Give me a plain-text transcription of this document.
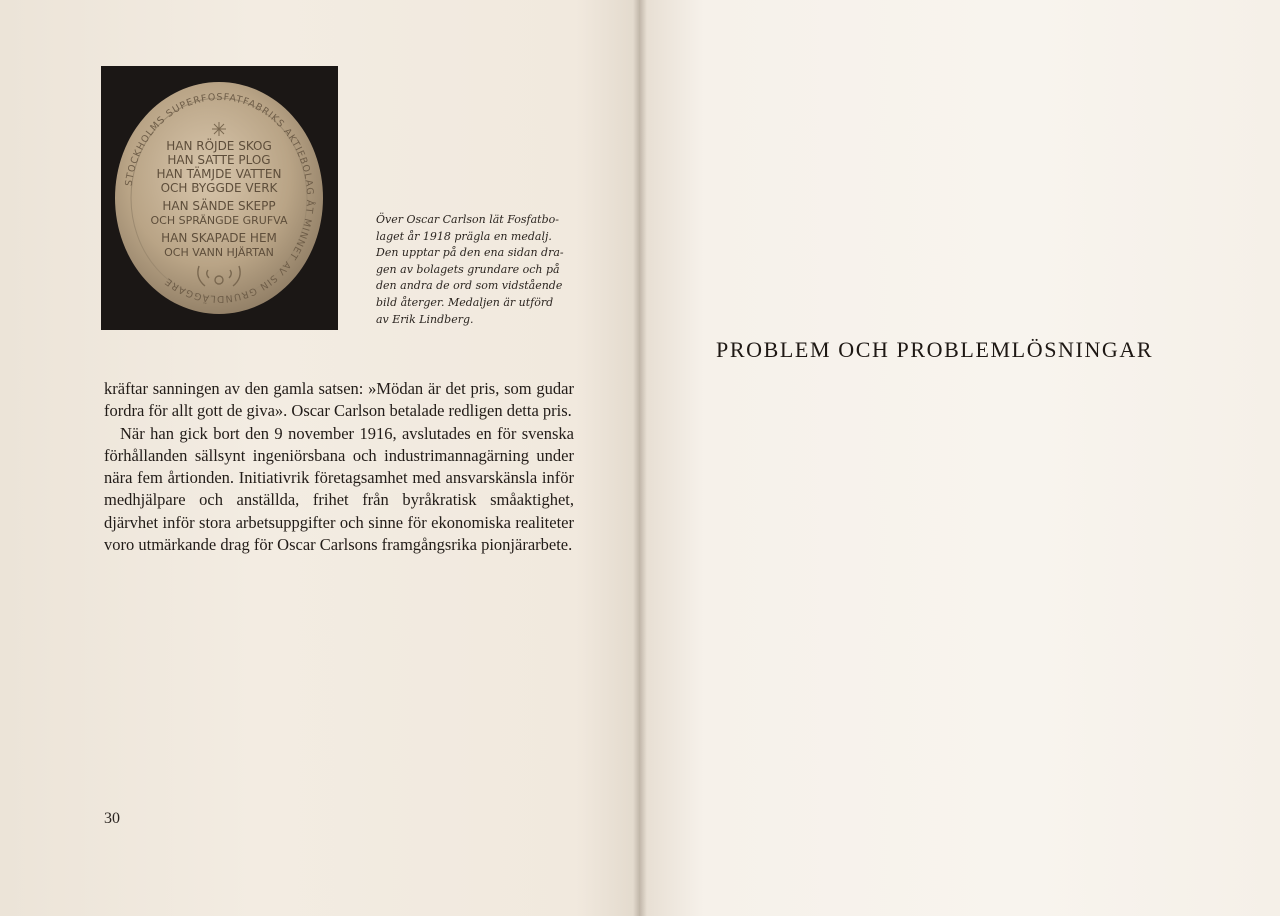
STOCKHOLMS SUPERFOSFATFABRIKS AKTIEBOLAG ÅT MINNET AV SIN GRUNDLÄGGARE
HAN RÖJDE SKOG
HAN SATTE PLOG
HAN TÄMJDE VATTEN
OCH BYGGDE VERK
HAN SÄNDE SKEPP
OCH SPRÄNGDE GRUFVA
HAN SKAPADE HEM
OCH VANN HJÄRTAN
Över Oscar Carlson lät Fosfatbo-
laget år 1918 prägla en medalj.
Den upptar på den ena sidan dra-
gen av bolagets grundare och på
den andra de ord som vidstående
bild återger. Medaljen är utförd
av Erik Lindberg.

kräftar sanningen av den gamla satsen: »Mödan är det pris, som gudar fordra för allt gott de giva». Oscar Carlson betalade redligen detta pris.

När han gick bort den 9 november 1916, avslutades en för svenska förhållanden sällsynt ingeniörsbana och industrimannagärning under nära fem årtionden. Initiativrik företagsamhet med ansvarskänsla inför medhjälpare och anställda, frihet från byråkratisk småaktighet, djärvhet inför stora arbetsuppgifter och sinne för ekonomiska realiteter voro utmärkande drag för Oscar Carlsons framgångsrika pionjärarbete.

30
PROBLEM OCH PROBLEMLÖSNINGAR
